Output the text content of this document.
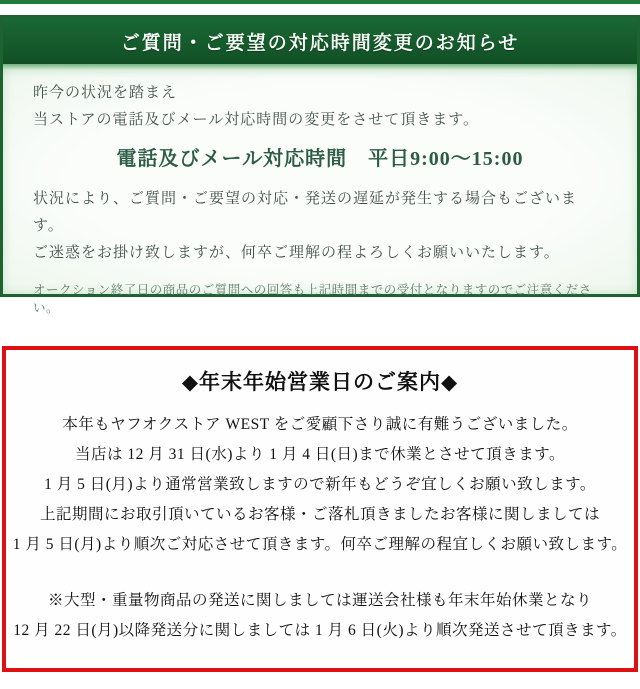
ご質問・ご要望の対応時間変更のお知らせ
昨今の状況を踏まえ
当ストアの電話及びメール対応時間の変更をさせて頂きます。
電話及びメール対応時間　平日9:00～15:00
状況により、ご質問・ご要望の対応・発送の遅延が発生する場合もございます。
ご迷惑をお掛け致しますが、何卒ご理解の程よろしくお願いいたします。
オークション終了日の商品のご質問への回答も上記時間までの受付となりますのでご注意ください。
◆年末年始営業日のご案内◆
本年もヤフオクストア WEST をご愛顧下さり誠に有難うございました。
当店は 12 月 31 日(水)より 1 月 4 日(日)まで休業とさせて頂きます。
1 月 5 日(月)より通常営業致しますので新年もどうぞ宜しくお願い致します。
上記期間にお取引頂いているお客様・ご落札頂きましたお客様に関しましては
1 月 5 日(月)より順次ご対応させて頂きます。何卒ご理解の程宜しくお願い致します。
※大型・重量物商品の発送に関しましては運送会社様も年末年始休業となり
12 月 22 日(月)以降発送分に関しましては 1 月 6 日(火)より順次発送させて頂きます。
